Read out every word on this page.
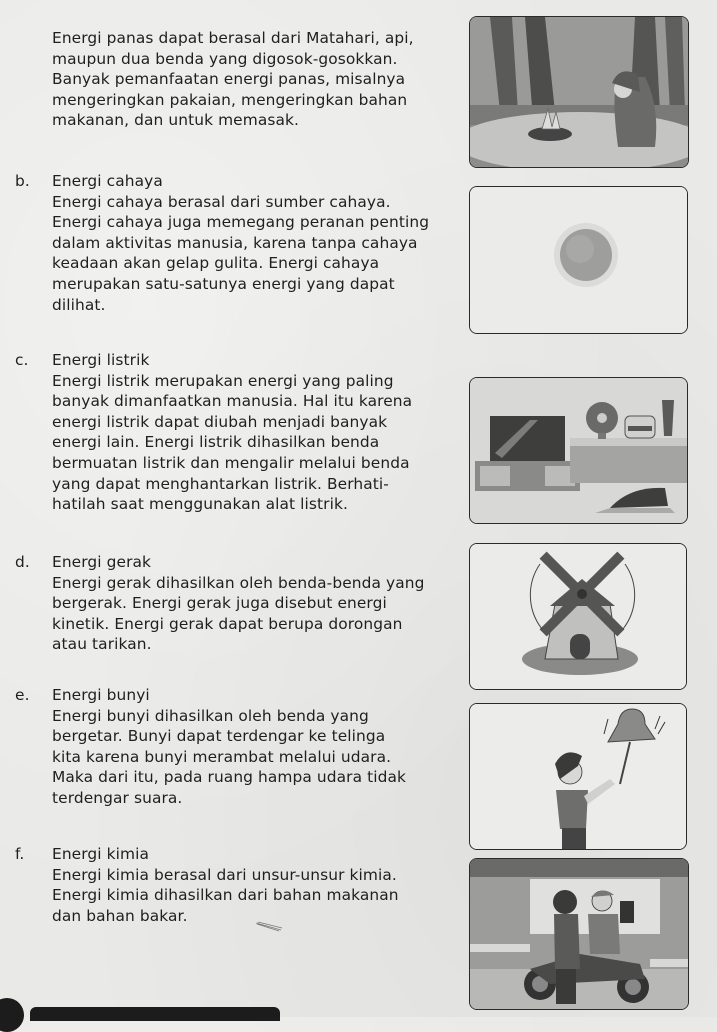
Energi panas dapat berasal dari Matahari, api,
maupun dua benda yang digosok-gosokkan.
Banyak pemanfaatan energi panas, misalnya
mengeringkan pakaian, mengeringkan bahan
makanan, dan untuk memasak.
b. Energi cahaya
Energi cahaya berasal dari sumber cahaya.
Energi cahaya juga memegang peranan penting
dalam aktivitas manusia, karena tanpa cahaya
keadaan akan gelap gulita. Energi cahaya
merupakan satu-satunya energi yang dapat
dilihat.
c. Energi listrik
Energi listrik merupakan energi yang paling
banyak dimanfaatkan manusia. Hal itu karena
energi listrik dapat diubah menjadi banyak
energi lain. Energi listrik dihasilkan benda
bermuatan listrik dan mengalir melalui benda
yang dapat menghantarkan listrik. Berhati-
hatilah saat menggunakan alat listrik.
d. Energi gerak
Energi gerak dihasilkan oleh benda-benda yang
bergerak. Energi gerak juga disebut energi
kinetik. Energi gerak dapat berupa dorongan
atau tarikan.
e. Energi bunyi
Energi bunyi dihasilkan oleh benda yang
bergetar. Bunyi dapat terdengar ke telinga
kita karena bunyi merambat melalui udara.
Maka dari itu, pada ruang hampa udara tidak
terdengar suara.
f. Energi kimia
Energi kimia berasal dari unsur-unsur kimia.
Energi kimia dihasilkan dari bahan makanan
dan bahan bakar.
